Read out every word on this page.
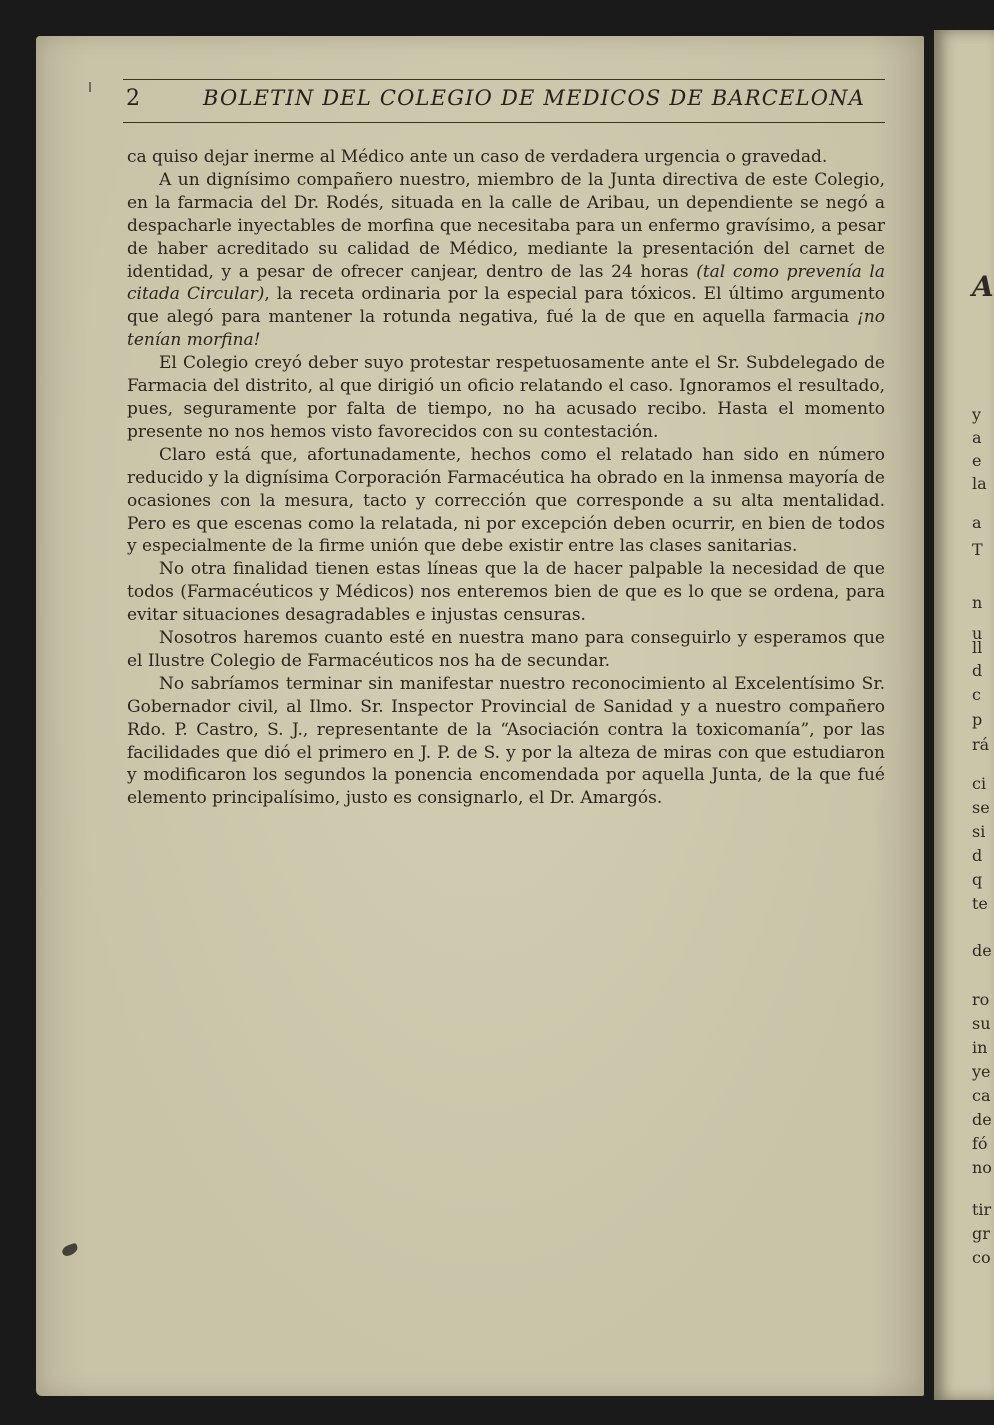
2	BOLETIN DEL COLEGIO DE MEDICOS DE BARCELONA

ca quiso dejar inerme al Médico ante un caso de verdadera urgencia o gravedad.

A un dignísimo compañero nuestro, miembro de la Junta directiva de este Colegio, en la farmacia del Dr. Rodés, situada en la calle de Aribau, un dependiente se negó a despacharle inyectables de morfina que necesitaba para un enfermo gravísimo, a pesar de haber acreditado su calidad de Médico, mediante la presentación del carnet de identidad, y a pesar de ofrecer canjear, dentro de las 24 horas (tal como prevenía la citada Circular), la receta ordinaria por la especial para tóxicos. El último argumento que alegó para mantener la rotunda negativa, fué la de que en aquella farmacia ¡no tenían morfina!

El Colegio creyó deber suyo protestar respetuosamente ante el Sr. Subdelegado de Farmacia del distrito, al que dirigió un oficio relatando el caso. Ignoramos el resultado, pues, seguramente por falta de tiempo, no ha acusado recibo. Hasta el momento presente no nos hemos visto favorecidos con su contestación.

Claro está que, afortunadamente, hechos como el relatado han sido en número reducido y la dignísima Corporación Farmacéutica ha obrado en la inmensa mayoría de ocasiones con la mesura, tacto y corrección que corresponde a su alta mentalidad. Pero es que escenas como la relatada, ni por excepción deben ocurrir, en bien de todos y especialmente de la firme unión que debe existir entre las clases sanitarias.

No otra finalidad tienen estas líneas que la de hacer palpable la necesidad de que todos (Farmacéuticos y Médicos) nos enteremos bien de que es lo que se ordena, para evitar situaciones desagradables e injustas censuras.

Nosotros haremos cuanto esté en nuestra mano para conseguirlo y esperamos que el Ilustre Colegio de Farmacéuticos nos ha de secundar.

No sabríamos terminar sin manifestar nuestro reconocimiento al Excelentísimo Sr. Gobernador civil, al Ilmo. Sr. Inspector Provincial de Sanidad y a nuestro compañero Rdo. P. Castro, S. J., representante de la “Asociación contra la toxicomanía”, por las facilidades que dió el primero en J. P. de S. y por la alteza de miras con que estudiaron y modificaron los segundos la ponencia encomendada por aquella Junta, de la que fué elemento principalísimo, justo es consignarlo, el Dr. Amargós.

A
y
a
e
la
a
T
n
u
ll
d
c
p
rá
ci
se
si
d
q
te
de
ro
su
in
ye
ca
de
fó
no
tir
gr
co
